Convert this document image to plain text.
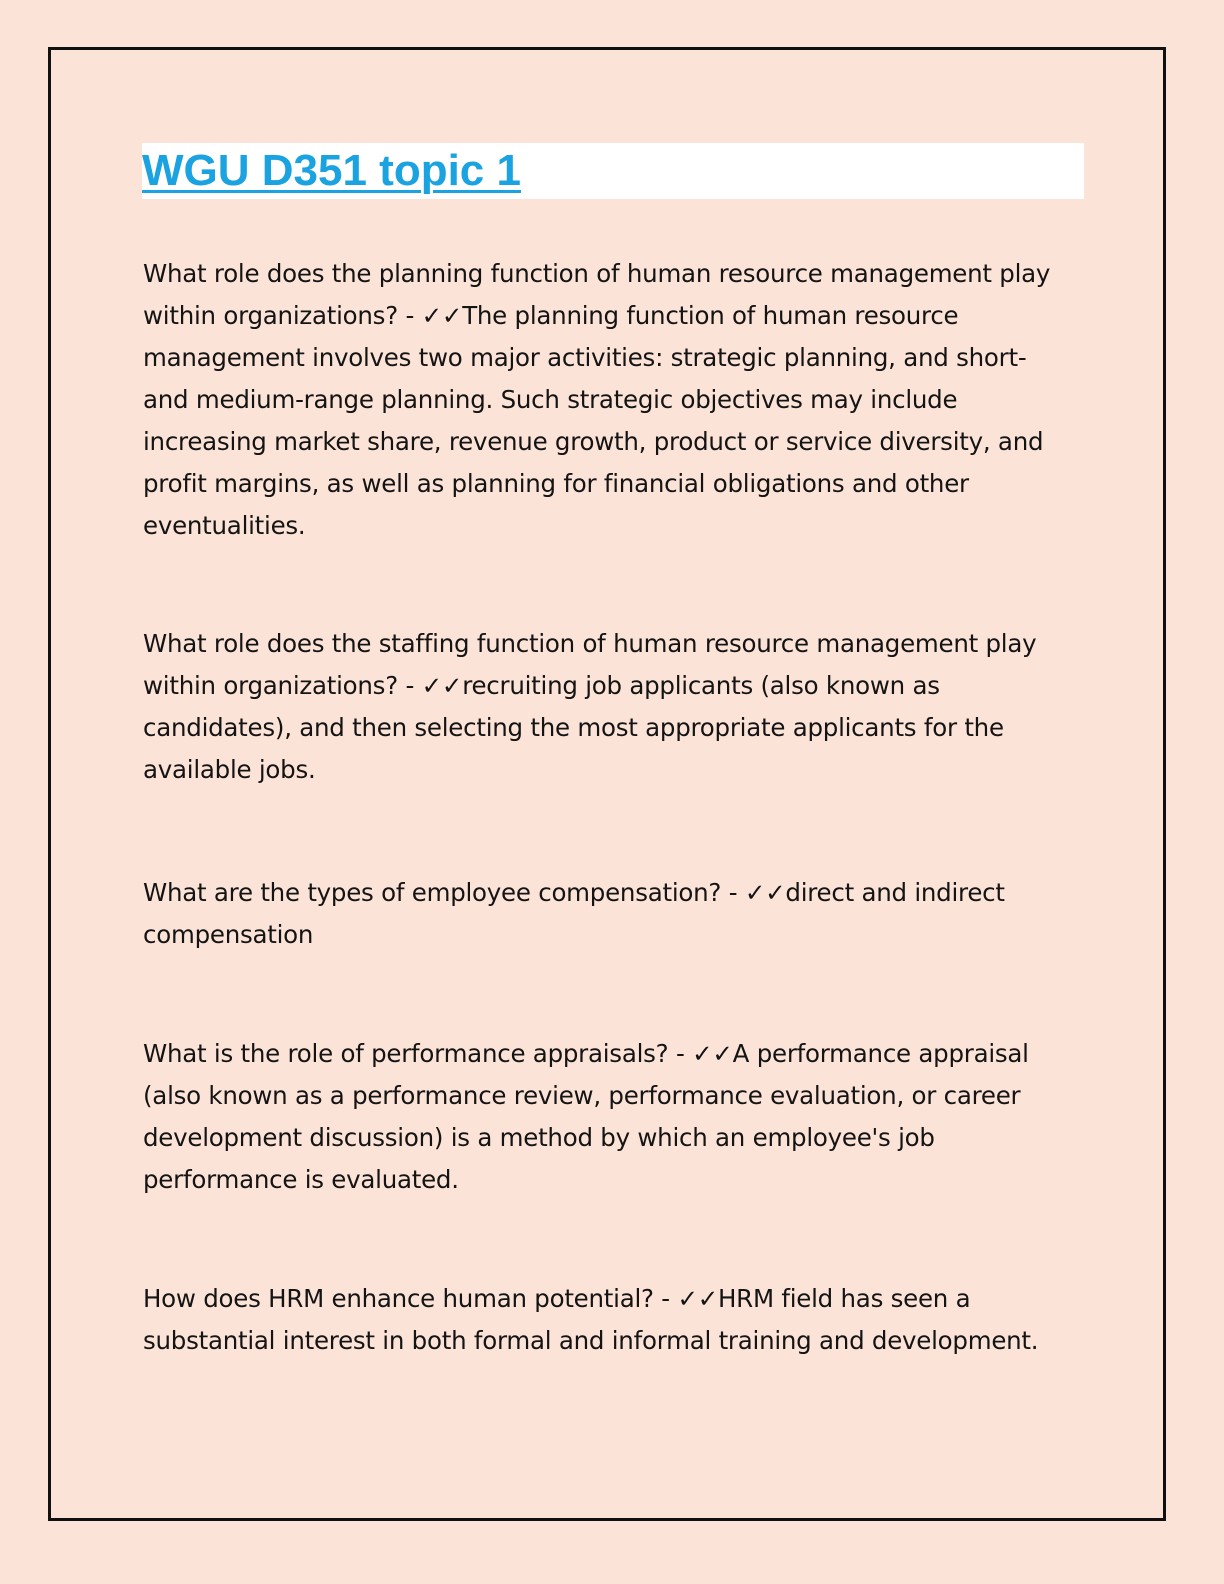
WGU D351 topic 1

What role does the planning function of human resource management play within organizations? - ✓✓The planning function of human resource management involves two major activities: strategic planning, and short- and medium-range planning. Such strategic objectives may include increasing market share, revenue growth, product or service diversity, and profit margins, as well as planning for financial obligations and other eventualities.

What role does the staffing function of human resource management play within organizations? - ✓✓recruiting job applicants (also known as candidates), and then selecting the most appropriate applicants for the available jobs.

What are the types of employee compensation? - ✓✓direct and indirect compensation

What is the role of performance appraisals? - ✓✓A performance appraisal (also known as a performance review, performance evaluation, or career development discussion) is a method by which an employee's job performance is evaluated.

How does HRM enhance human potential? - ✓✓HRM field has seen a substantial interest in both formal and informal training and development.
